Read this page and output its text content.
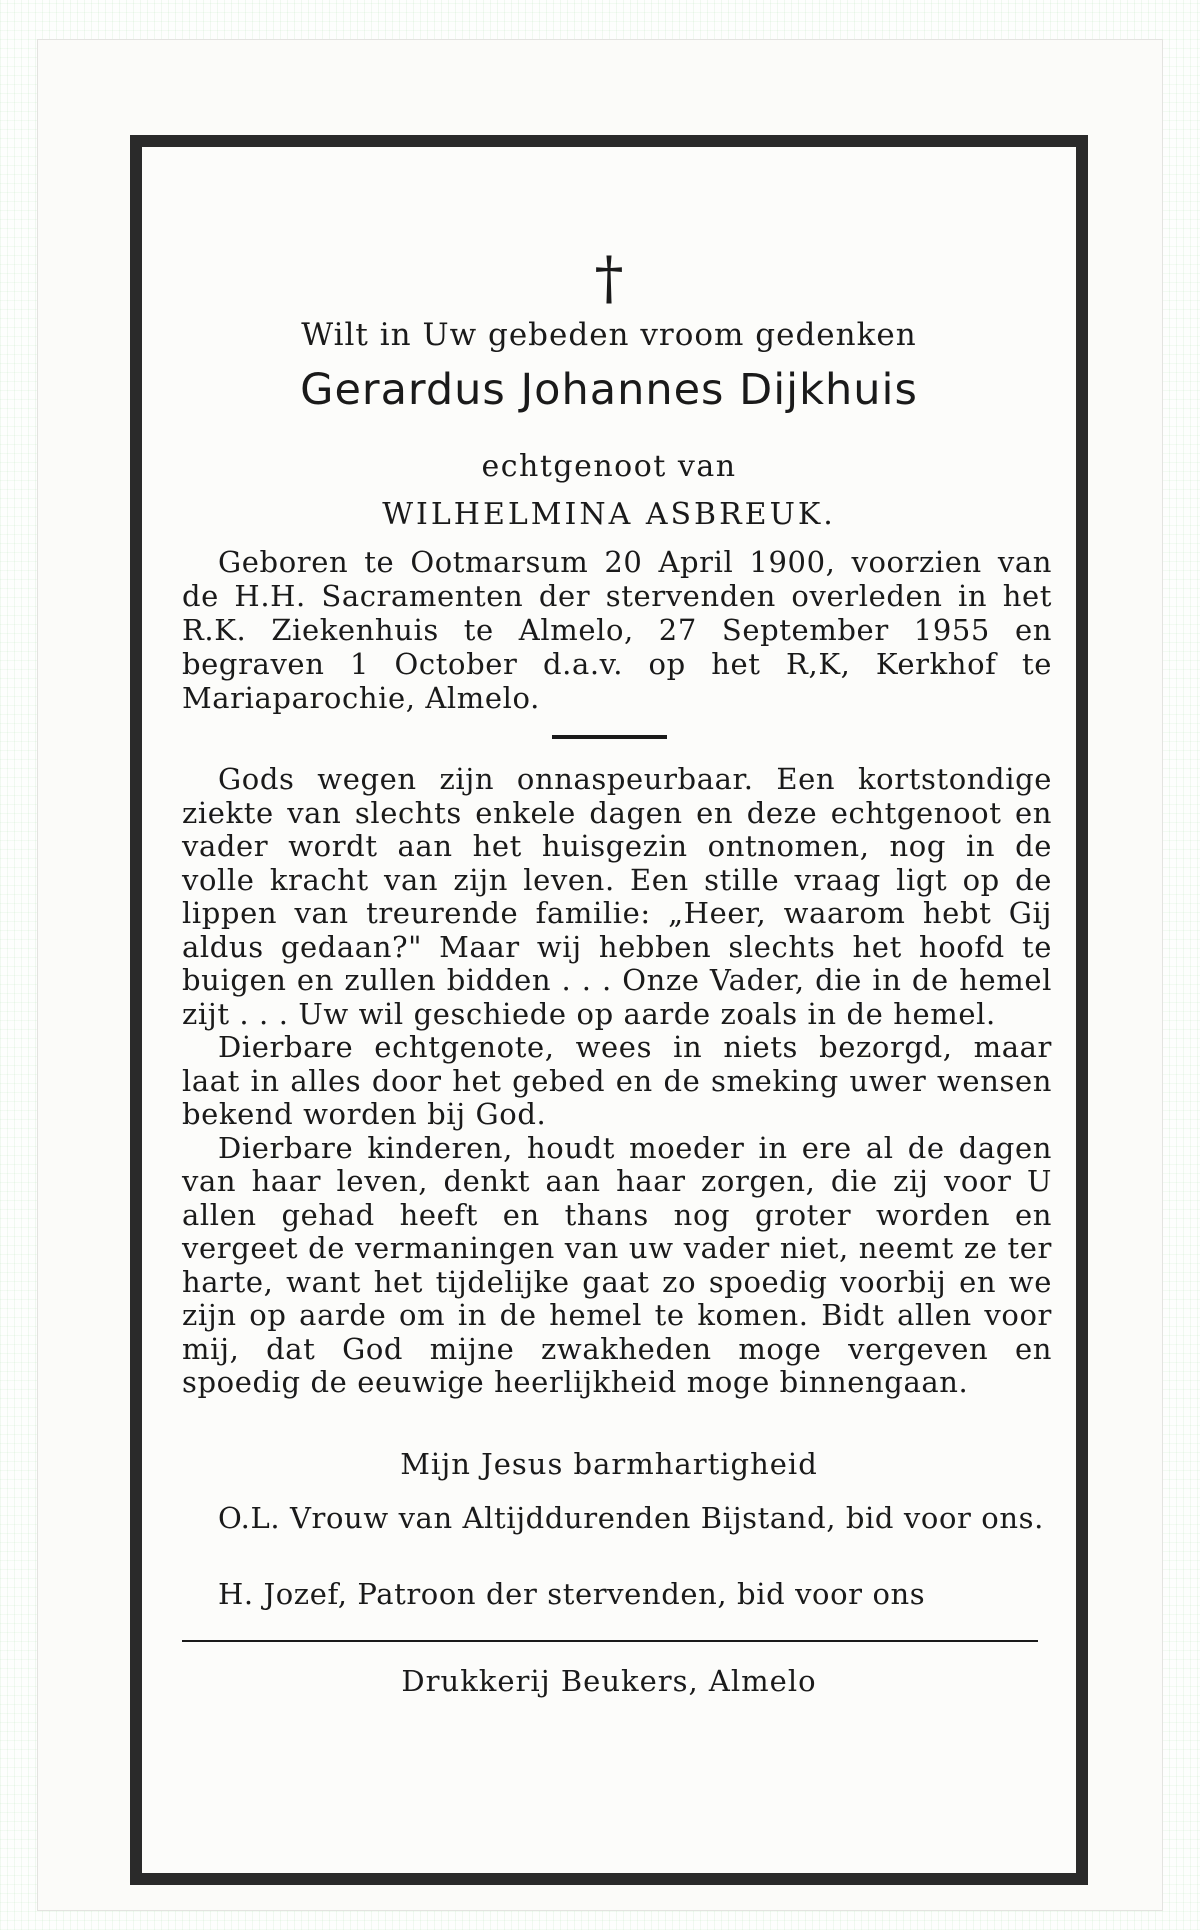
†
Wilt in Uw gebeden vroom gedenken
Gerardus Johannes Dijkhuis
echtgenoot van
WILHELMINA ASBREUK.
Geboren te Ootmarsum 20 April 1900, voorzien van de H.H. Sacramenten der stervenden overleden in het R.K. Ziekenhuis te Almelo, 27 September 1955 en begraven 1 October d.a.v. op het R,K, Kerkhof te Mariaparochie, Almelo.

Gods wegen zijn onnaspeurbaar. Een kortstondige ziekte van slechts enkele dagen en deze echtgenoot en vader wordt aan het huisgezin ontnomen, nog in de volle kracht van zijn leven. Een stille vraag ligt op de lippen van treurende familie: „Heer, waarom hebt Gij aldus gedaan?" Maar wij hebben slechts het hoofd te buigen en zullen bidden . . . Onze Vader, die in de hemel zijt . . . Uw wil geschiede op aarde zoals in de hemel.

Dierbare echtgenote, wees in niets bezorgd, maar laat in alles door het gebed en de smeking uwer wensen bekend worden bij God.

Dierbare kinderen, houdt moeder in ere al de dagen van haar leven, denkt aan haar zorgen, die zij voor U allen gehad heeft en thans nog groter worden en vergeet de vermaningen van uw vader niet, neemt ze ter harte, want het tijdelijke gaat zo spoedig voorbij en we zijn op aarde om in de hemel te komen. Bidt allen voor mij, dat God mijne zwakheden moge vergeven en spoedig de eeuwige heerlijkheid moge binnengaan.

Mijn Jesus barmhartigheid
O.L. Vrouw van Altijddurenden Bijstand, bid voor ons.
H. Jozef, Patroon der stervenden, bid voor ons
Drukkerij Beukers, Almelo
